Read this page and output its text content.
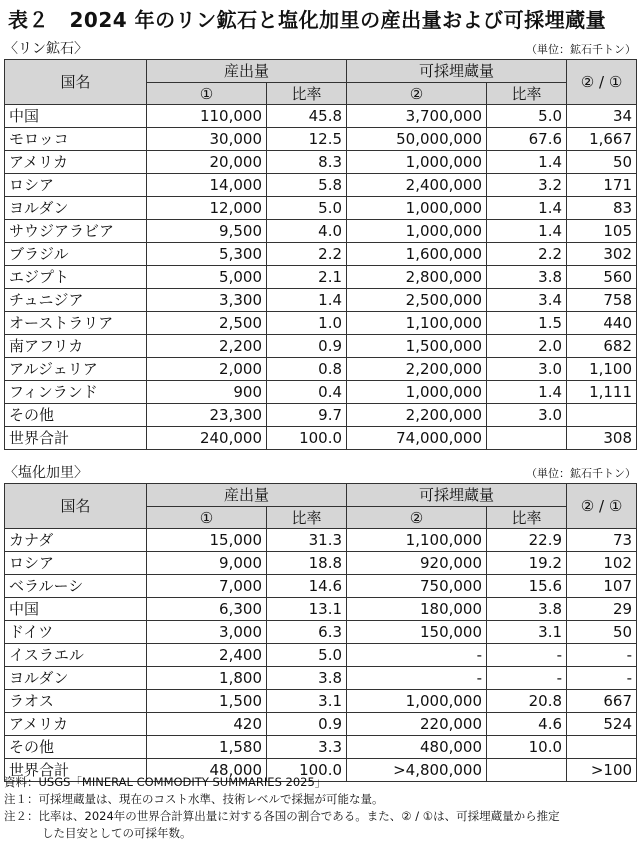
表２　2024 年のリン鉱石と塩化加里の産出量および可採埋蔵量
〈リン鉱石〉	（単位：鉱石千トン）
国名	産出量		可採埋蔵量		② / ①
	①	比率	②	比率	
中国	110,000	45.8	3,700,000	5.0	34
モロッコ	30,000	12.5	50,000,000	67.6	1,667
アメリカ	20,000	8.3	1,000,000	1.4	50
ロシア	14,000	5.8	2,400,000	3.2	171
ヨルダン	12,000	5.0	1,000,000	1.4	83
サウジアラビア	9,500	4.0	1,000,000	1.4	105
ブラジル	5,300	2.2	1,600,000	2.2	302
エジプト	5,000	2.1	2,800,000	3.8	560
チュニジア	3,300	1.4	2,500,000	3.4	758
オーストラリア	2,500	1.0	1,100,000	1.5	440
南アフリカ	2,200	0.9	1,500,000	2.0	682
アルジェリア	2,000	0.8	2,200,000	3.0	1,100
フィンランド	900	0.4	1,000,000	1.4	1,111
その他	23,300	9.7	2,200,000	3.0	
世界合計	240,000	100.0	74,000,000		308
〈塩化加里〉	（単位：鉱石千トン）
国名	産出量		可採埋蔵量		② / ①
	①	比率	②	比率	
カナダ	15,000	31.3	1,100,000	22.9	73
ロシア	9,000	18.8	920,000	19.2	102
ベラルーシ	7,000	14.6	750,000	15.6	107
中国	6,300	13.1	180,000	3.8	29
ドイツ	3,000	6.3	150,000	3.1	50
イスラエル	2,400	5.0	-	-	-
ヨルダン	1,800	3.8	-	-	-
ラオス	1,500	3.1	1,000,000	20.8	667
アメリカ	420	0.9	220,000	4.6	524
その他	1,580	3.3	480,000	10.0	
世界合計	48,000	100.0	>4,800,000		>100
資料：USGS「MINERAL COMMODITY SUMMARIES 2025」
注１：可採埋蔵量は、現在のコスト水準、技術レベルで採掘が可能な量。
注２：比率は、2024年の世界合計算出量に対する各国の割合である。また、② / ①は、可採埋蔵量から推定
した目安としての可採年数。
